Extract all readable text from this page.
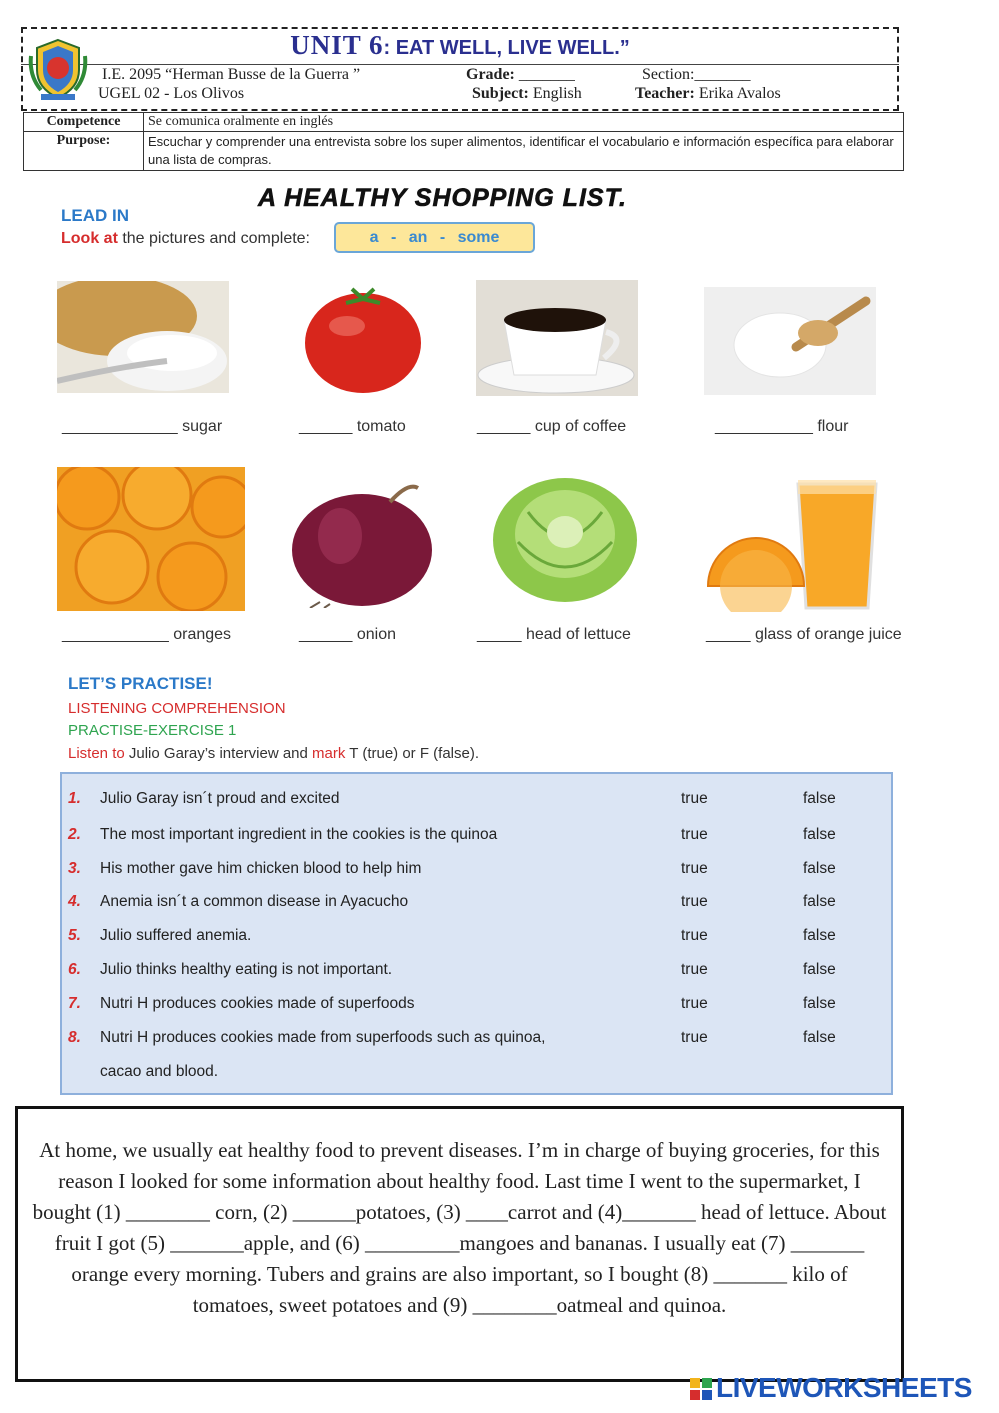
UNIT 6: EAT WELL, LIVE WELL.”
I.E. 2095 “Herman Busse de la Guerra ”
UGEL 02 - Los Olivos
Grade: _______	Section:_______
Subject: English	Teacher: Erika Avalos
Competence	Se comunica oralmente en inglés
Purpose:	Escuchar y comprender una entrevista sobre los super alimentos, identificar el vocabulario e información específica para elaborar una lista de compras.
A HEALTHY SHOPPING LIST.
LEAD IN
Look at the pictures and complete:	a - an - some
_____________ sugar	______ tomato	______ cup of coffee	___________ flour
____________ oranges	______ onion	_____ head of lettuce	_____ glass of orange juice
LET’S PRACTISE!
LISTENING COMPREHENSION
PRACTISE-EXERCISE 1
Listen to Julio Garay’s interview and mark T (true) or F (false).
1. Julio Garay isn´t proud and excited	true	false
2. The most important ingredient in the cookies is the quinoa	true	false
3. His mother gave him chicken blood to help him	true	false
4. Anemia isn´t a common disease in Ayacucho	true	false
5. Julio suffered anemia.	true	false
6. Julio thinks healthy eating is not important.	true	false
7. Nutri H produces cookies made of superfoods	true	false
8. Nutri H produces cookies made from superfoods such as quinoa,	true	false
cacao and blood.
At home, we usually eat healthy food to prevent diseases. I’m in charge of buying groceries, for this reason I looked for some information about healthy food. Last time I went to the supermarket, I bought (1) ________ corn, (2) ______potatoes, (3) ____carrot and (4)_______ head of lettuce. About fruit I got (5) _______apple, and (6) _________mangoes and bananas. I usually eat (7) _______ orange every morning. Tubers and grains are also important, so I bought (8) _______ kilo of tomatoes, sweet potatoes and (9) ________oatmeal and quinoa.
LIVEWORKSHEETS
